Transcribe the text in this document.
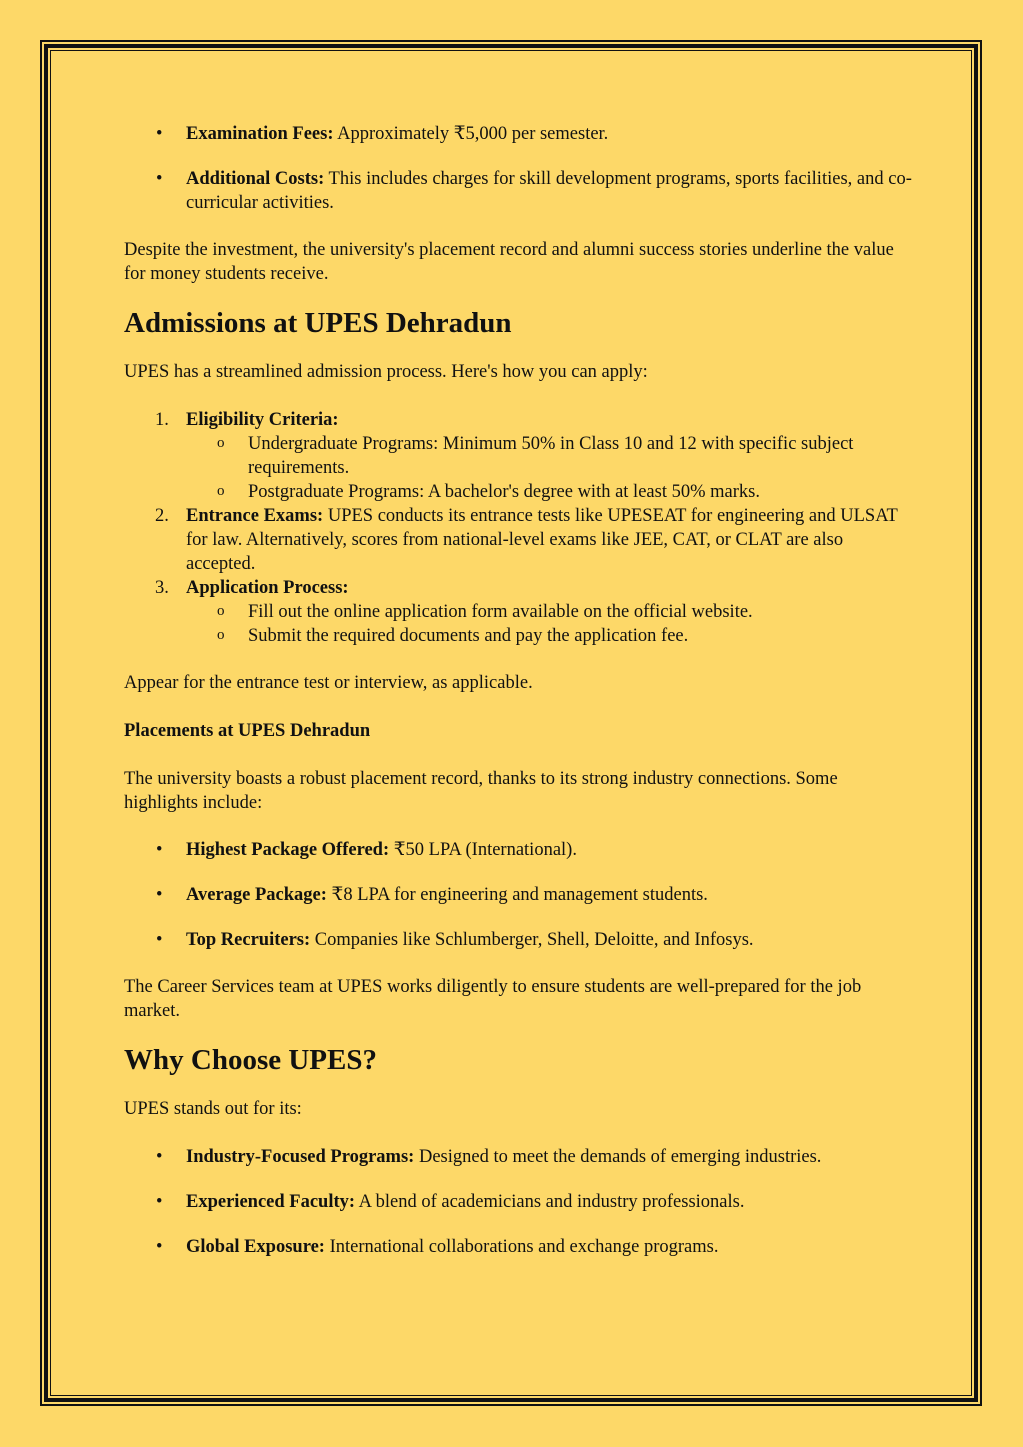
• Examination Fees: Approximately ₹5,000 per semester.
• Additional Costs: This includes charges for skill development programs, sports facilities, and co-curricular activities.

Despite the investment, the university's placement record and alumni success stories underline the value for money students receive.

Admissions at UPES Dehradun

UPES has a streamlined admission process. Here's how you can apply:

1. Eligibility Criteria:
o Undergraduate Programs: Minimum 50% in Class 10 and 12 with specific subject requirements.
o Postgraduate Programs: A bachelor's degree with at least 50% marks.
2. Entrance Exams: UPES conducts its entrance tests like UPESEAT for engineering and ULSAT for law. Alternatively, scores from national-level exams like JEE, CAT, or CLAT are also accepted.
3. Application Process:
o Fill out the online application form available on the official website.
o Submit the required documents and pay the application fee.

Appear for the entrance test or interview, as applicable.

Placements at UPES Dehradun

The university boasts a robust placement record, thanks to its strong industry connections. Some highlights include:

• Highest Package Offered: ₹50 LPA (International).
• Average Package: ₹8 LPA for engineering and management students.
• Top Recruiters: Companies like Schlumberger, Shell, Deloitte, and Infosys.

The Career Services team at UPES works diligently to ensure students are well-prepared for the job market.

Why Choose UPES?

UPES stands out for its:

• Industry-Focused Programs: Designed to meet the demands of emerging industries.
• Experienced Faculty: A blend of academicians and industry professionals.
• Global Exposure: International collaborations and exchange programs.
